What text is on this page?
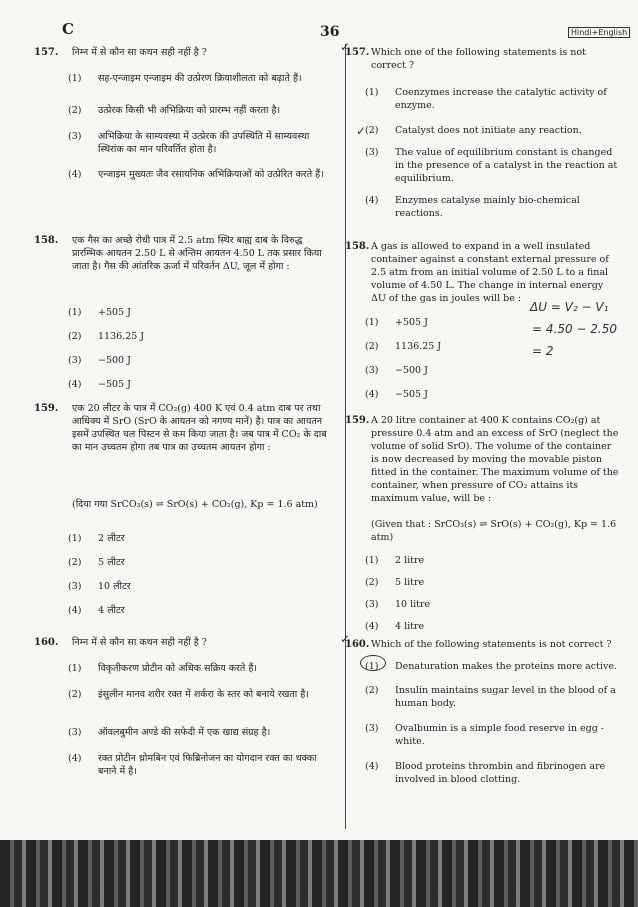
C	36	Hindi+English
157. निम्न में से कौन सा कथन सही नहीं है ?
(1) सह-एन्जाइम एन्जाइम की उत्प्रेरण क्रियाशीलता को बढ़ाते हैं।
(2) उत्प्रेरक किसी भी अभिक्रिया को प्रारम्भ नहीं करता है।
(3) अभिक्रिया के साम्यवस्था में उत्प्रेरक की उपस्थिति में साम्यवस्था स्थिरांक का मान परिवर्तित होता है।
(4) एन्जाइम मुख्यतः जैव रसायनिक अभिक्रियाओं को उत्प्रेरित करते हैं।
158. एक गैस का अच्छे रोधी पात्र में 2.5 atm स्थिर बाह्य दाब के विरुद्ध प्रारम्भिक आयतन 2.50 L से अन्तिम आयतन 4.50 L तक प्रसार किया जाता है। गैस की आंतरिक ऊर्जा में परिवर्तन ΔU, जूल में होगा :
(1) +505 J
(2) 1136.25 J
(3) −500 J
(4) −505 J
159. एक 20 लीटर के पात्र में CO₂(g) 400 K एवं 0.4 atm दाब पर तथा आधिक्य में SrO (SrO के आयतन को नगण्य मानें) है। पात्र का आयतन इसमें उपस्थित चल पिस्टन से कम किया जाता है। जब पात्र में CO₂ के दाब का मान उच्चतम होगा तब पात्र का उच्चतम आयतन होगा :
(दिया गया SrCO₃(s) ⇌ SrO(s) + CO₂(g), Kp = 1.6 atm)
(1) 2 लीटर
(2) 5 लीटर
(3) 10 लीटर
(4) 4 लीटर
160. निम्न में से कौन सा कथन सही नहीं है ?
(1) विकृतीकरण प्रोटीन को अधिक सक्रिय करते हैं।
(2) इंसुलीन मानव शरीर रक्त में शर्करा के स्तर को बनाये रखता है।
(3) ऑवलबुमीन अण्डे की सफेदी में एक खाद्य संग्रह है।
(4) रक्त प्रोटीन थ्रोमबिन एवं फिब्रिनोजन का योगदान रक्त का थक्का बनाने में है।
157. Which one of the following statements is not correct ?
(1) Coenzymes increase the catalytic activity of enzyme.
(2) Catalyst does not initiate any reaction.
(3) The value of equilibrium constant is changed in the presence of a catalyst in the reaction at equilibrium.
(4) Enzymes catalyse mainly bio-chemical reactions.
158. A gas is allowed to expand in a well insulated container against a constant external pressure of 2.5 atm from an initial volume of 2.50 L to a final volume of 4.50 L. The change in internal energy ΔU of the gas in joules will be :
(1) +505 J
(2) 1136.25 J
(3) −500 J
(4) −505 J
159. A 20 litre container at 400 K contains CO₂(g) at pressure 0.4 atm and an excess of SrO (neglect the volume of solid SrO). The volume of the container is now decreased by moving the movable piston fitted in the container. The maximum volume of the container, when pressure of CO₂ attains its maximum value, will be :
(Given that : SrCO₃(s) ⇌ SrO(s) + CO₂(g), Kp = 1.6 atm)
(1) 2 litre
(2) 5 litre
(3) 10 litre
(4) 4 litre
160. Which of the following statements is not correct ?
(1) Denaturation makes the proteins more active.
(2) Insulin maintains sugar level in the blood of a human body.
(3) Ovalbumin is a simple food reserve in egg - white.
(4) Blood proteins thrombin and fibrinogen are involved in blood clotting.
ΔU = V₂ − V₁
= 4.50 − 2.50
= 2
✓
✓
✓
